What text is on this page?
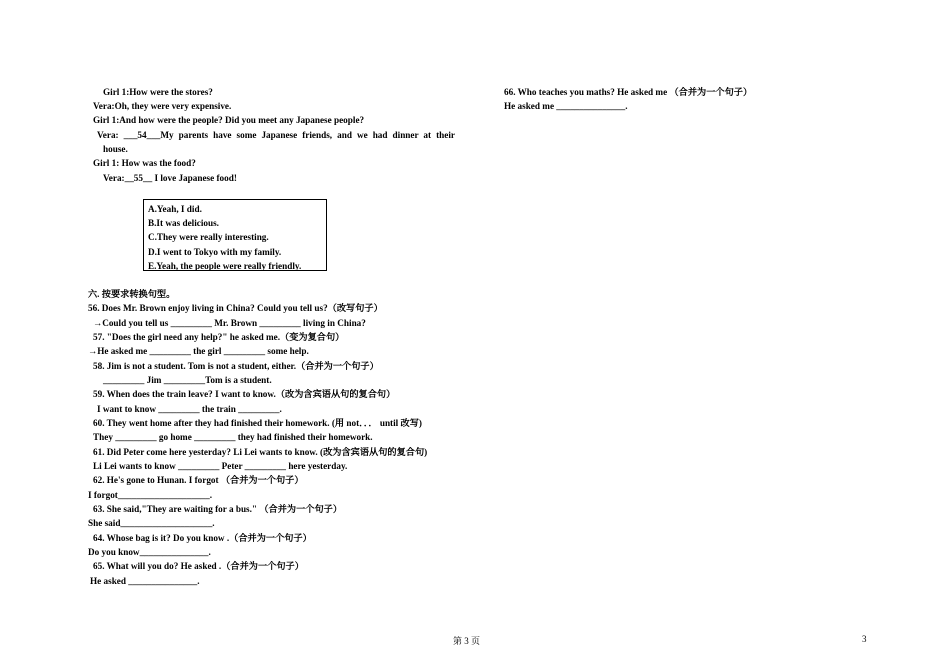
Girl 1:How were the stores?
Vera:Oh, they were very expensive.
Girl 1:And how were the people? Did you meet any Japanese people?
Vera: ___54___My parents have some Japanese friends, and we had dinner at their
house.
Girl 1: How was the food?
Vera:__55__ I love Japanese food!
A.Yeah, I did.
B.It was delicious.
C.They were really interesting.
D.I went to Tokyo with my family.
E.Yeah, the people were really friendly.
六. 按要求转换句型。
56. Does Mr. Brown enjoy living in China? Could you tell us?（改写句子）
→Could you tell us _________ Mr. Brown _________ living in China?
57. "Does the girl need any help?" he asked me.（变为复合句）
→He asked me _________ the girl _________ some help.
58. Jim is not a student. Tom is not a student, either.（合并为一个句子）
_________ Jim _________Tom is a student.
59. When does the train leave? I want to know.（改为含宾语从句的复合句）
I want to know _________ the train _________.
60. They went home after they had finished their homework. (用 not．．． until 改写)
They _________ go home _________ they had finished their homework.
61. Did Peter come here yesterday? Li Lei wants to know. (改为含宾语从句的复合句)
Li Lei wants to know _________ Peter _________ here yesterday.
62. He's gone to Hunan. I forgot （合并为一个句子）
I forgot____________________.
63. She said,"They are waiting for a bus." （合并为一个句子）
She said____________________.
64. Whose bag is it? Do you know .（合并为一个句子）
Do you know_______________.
65. What will you do? He asked .（合并为一个句子）
He asked _______________.
66. Who teaches you maths? He asked me （合并为一个句子）
He asked me _______________.
第 3 页	3
